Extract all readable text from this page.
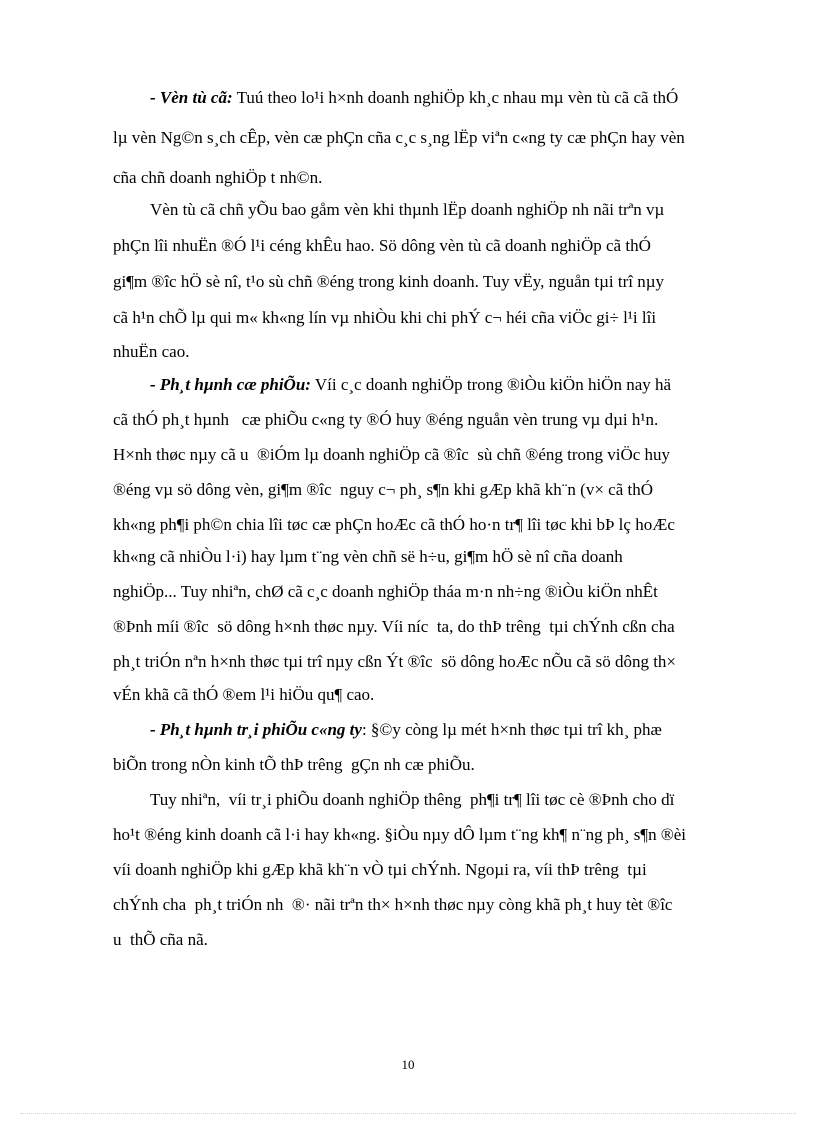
- Vèn tù cã: Tuú theo lo¹i h×nh doanh nghiÖp kh¸c nhau mµ vèn tù cã cã thÓ
lµ vèn Ng©n s¸ch cÊp, vèn cæ phÇn cña c¸c s¸ng lËp viªn c«ng ty cæ phÇn hay vèn
cña chñ doanh nghiÖp t nh©n.
Vèn tù cã chñ yÕu bao gåm vèn khi thµnh lËp doanh nghiÖp nh nãi trªn vµ
phÇn lîi nhuËn ®Ó l¹i céng khÊu hao. Sö dông vèn tù cã doanh nghiÖp cã thÓ
gi¶m ®îc hÖ sè nî, t¹o sù chñ ®éng trong kinh doanh. Tuy vËy, nguån tµi trî nµy
cã h¹n chÕ lµ qui m« kh«ng lín vµ nhiÒu khi chi phÝ c¬ héi cña viÖc gi÷ l¹i lîi
nhuËn cao.
- Ph¸t hµnh cæ phiÕu: Víi c¸c doanh nghiÖp trong ®iÒu kiÖn hiÖn nay hä
cã thÓ ph¸t hµnh   cæ phiÕu c«ng ty ®Ó huy ®éng nguån vèn trung vµ dµi h¹n.
H×nh thøc nµy cã u  ®iÓm lµ doanh nghiÖp cã ®îc  sù chñ ®éng trong viÖc huy
®éng vµ sö dông vèn, gi¶m ®îc  nguy c¬ ph¸ s¶n khi gÆp khã kh¨n (v× cã thÓ
kh«ng ph¶i ph©n chia lîi tøc cæ phÇn hoÆc cã thÓ ho·n tr¶ lîi tøc khi bÞ lç hoÆc
kh«ng cã nhiÒu l·i) hay lµm t¨ng vèn chñ së h÷u, gi¶m hÖ sè nî cña doanh
nghiÖp... Tuy nhiªn, chØ cã c¸c doanh nghiÖp tháa m·n nh÷ng ®iÒu kiÖn nhÊt
®Þnh míi ®îc  sö dông h×nh thøc nµy. Víi níc  ta, do thÞ trêng  tµi chÝnh cßn cha
ph¸t triÓn nªn h×nh thøc tµi trî nµy cßn Ýt ®îc  sö dông hoÆc nÕu cã sö dông th×
vÉn khã cã thÓ ®em l¹i hiÖu qu¶ cao.
- Ph¸t hµnh tr¸i phiÕu c«ng ty: §©y còng lµ mét h×nh thøc tµi trî kh¸ phæ
biÕn trong nÒn kinh tÕ thÞ trêng  gÇn nh cæ phiÕu.
Tuy nhiªn,  víi tr¸i phiÕu doanh nghiÖp thêng  ph¶i tr¶ lîi tøc cè ®Þnh cho dï
ho¹t ®éng kinh doanh cã l·i hay kh«ng. §iÒu nµy dÔ lµm t¨ng kh¶ n¨ng ph¸ s¶n ®èi
víi doanh nghiÖp khi gÆp khã kh¨n vÒ tµi chÝnh. Ngoµi ra, víi thÞ trêng  tµi
chÝnh cha  ph¸t triÓn nh  ®· nãi trªn th× h×nh thøc nµy còng khã ph¸t huy tèt ®îc
u  thÕ cña nã.
10
